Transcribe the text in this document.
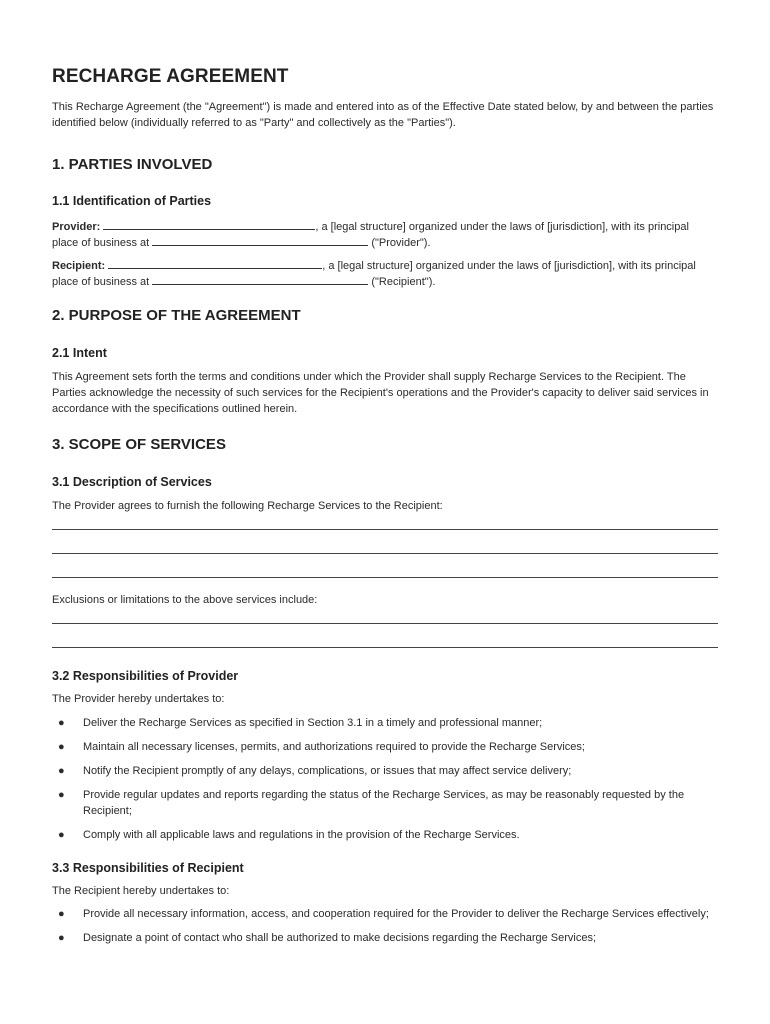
RECHARGE AGREEMENT

This Recharge Agreement (the "Agreement") is made and entered into as of the Effective Date stated below, by and between the parties identified below (individually referred to as "Party" and collectively as the "Parties").

1. PARTIES INVOLVED
1.1 Identification of Parties

Provider:	, a [legal structure] organized under the laws of [jurisdiction], with its principal place of business at	("Provider").

Recipient:	, a [legal structure] organized under the laws of [jurisdiction], with its principal place of business at	("Recipient").

2. PURPOSE OF THE AGREEMENT
2.1 Intent

This Agreement sets forth the terms and conditions under which the Provider shall supply Recharge Services to the Recipient. The Parties acknowledge the necessity of such services for the Recipient's operations and the Provider's capacity to deliver said services in accordance with the specifications outlined herein.

3. SCOPE OF SERVICES
3.1 Description of Services

The Provider agrees to furnish the following Recharge Services to the Recipient:

Exclusions or limitations to the above services include:

3.2 Responsibilities of Provider

The Provider hereby undertakes to:

● Deliver the Recharge Services as specified in Section 3.1 in a timely and professional manner;
● Maintain all necessary licenses, permits, and authorizations required to provide the Recharge Services;
● Notify the Recipient promptly of any delays, complications, or issues that may affect service delivery;
● Provide regular updates and reports regarding the status of the Recharge Services, as may be reasonably requested by the Recipient;
● Comply with all applicable laws and regulations in the provision of the Recharge Services.
3.3 Responsibilities of Recipient

The Recipient hereby undertakes to:

● Provide all necessary information, access, and cooperation required for the Provider to deliver the Recharge Services effectively;
● Designate a point of contact who shall be authorized to make decisions regarding the Recharge Services;
